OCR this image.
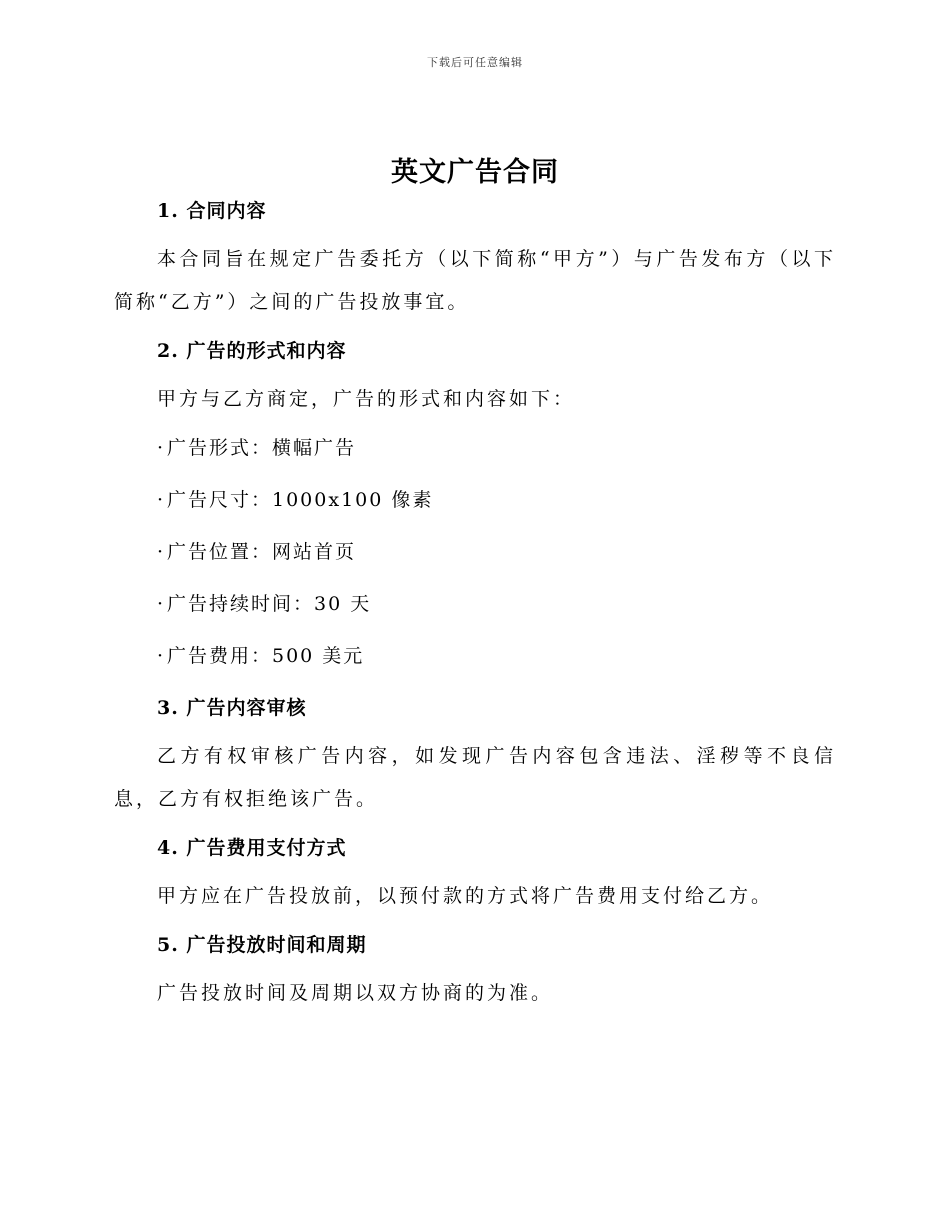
下载后可任意编辑
英文广告合同
1. 合同内容
本合同旨在规定广告委托方（以下简称“甲方”）与广告发布方（以下简称“乙方”）之间的广告投放事宜。
2. 广告的形式和内容
甲方与乙方商定，广告的形式和内容如下：
· 广告形式：横幅广告
· 广告尺寸：1000x100 像素
· 广告位置：网站首页
· 广告持续时间：30 天
· 广告费用：500 美元
3. 广告内容审核
乙方有权审核广告内容，如发现广告内容包含违法、淫秽等不良信息，乙方有权拒绝该广告。
4. 广告费用支付方式
甲方应在广告投放前，以预付款的方式将广告费用支付给乙方。
5. 广告投放时间和周期
广告投放时间及周期以双方协商的为准。
